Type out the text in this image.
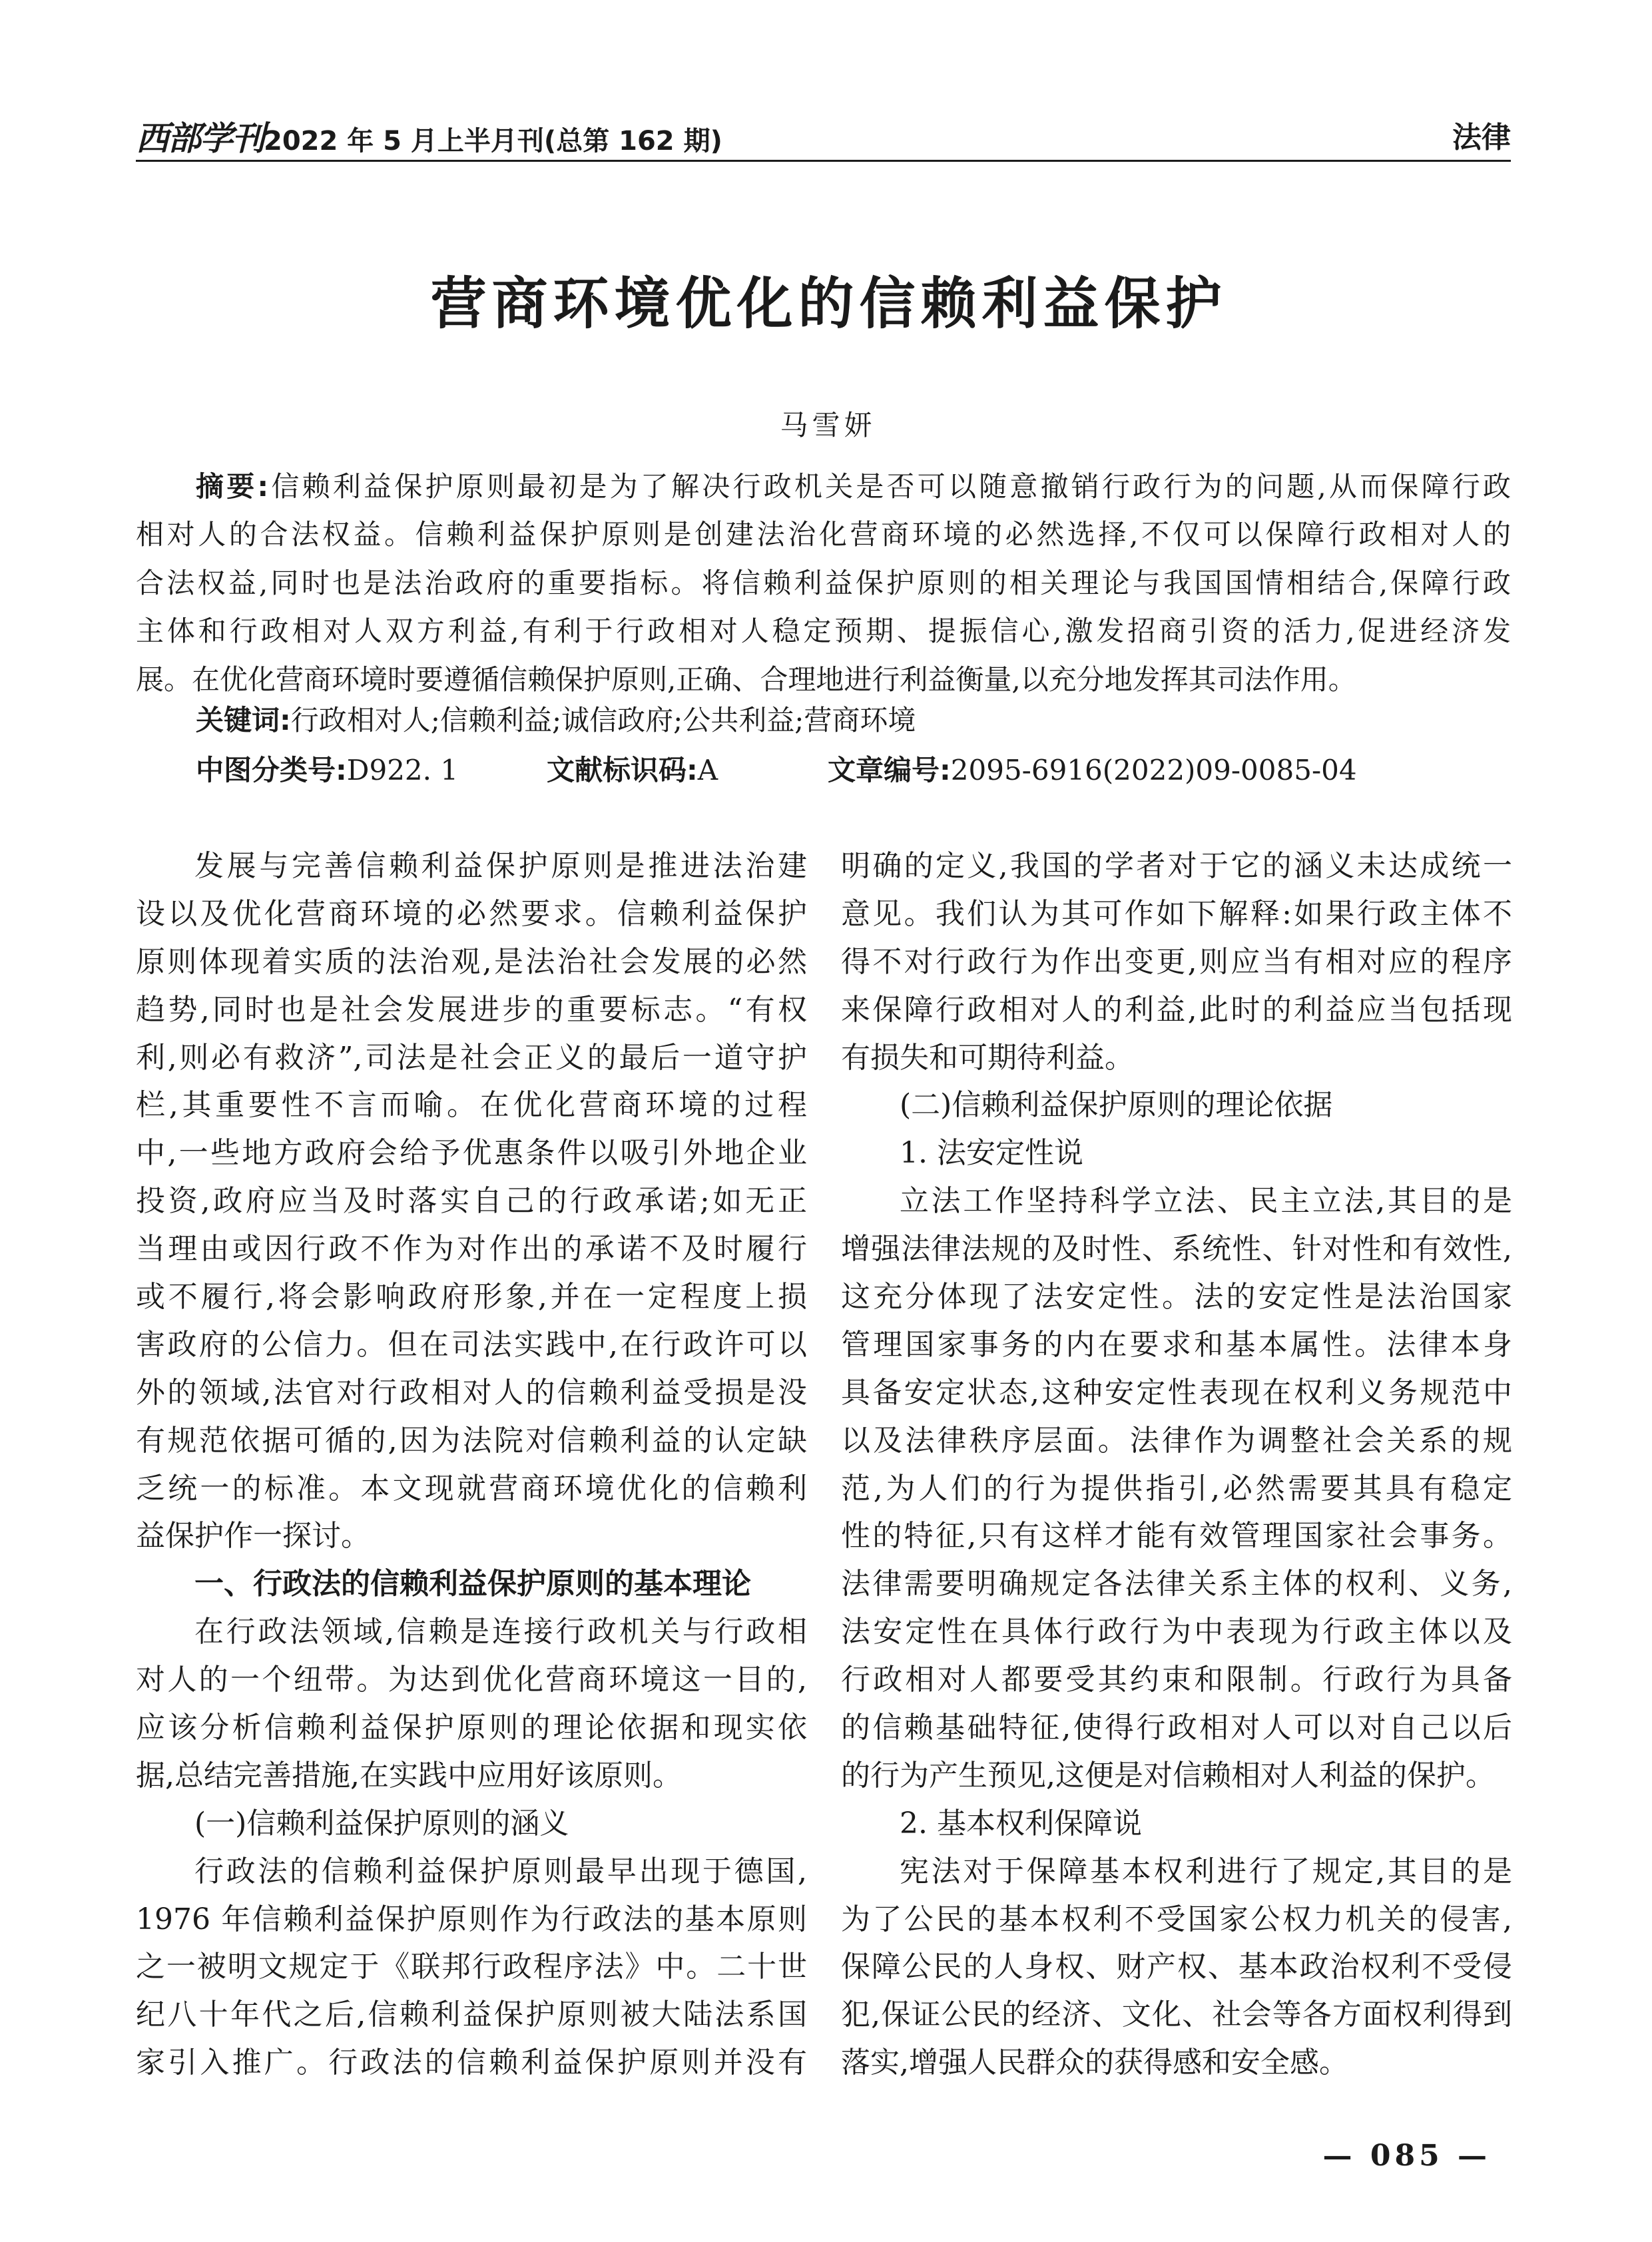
西部学刊 2022 年 5 月上半月刊(总第 162 期)	法律
营商环境优化的信赖利益保护
马雪妍
摘要:信赖利益保护原则最初是为了解决行政机关是否可以随意撤销行政行为的问题,从而保障行政
相对人的合法权益。信赖利益保护原则是创建法治化营商环境的必然选择,不仅可以保障行政相对人的
合法权益,同时也是法治政府的重要指标。将信赖利益保护原则的相关理论与我国国情相结合,保障行政
主体和行政相对人双方利益,有利于行政相对人稳定预期、提振信心,激发招商引资的活力,促进经济发
展。在优化营商环境时要遵循信赖保护原则,正确、合理地进行利益衡量,以充分地发挥其司法作用。
关键词:行政相对人;信赖利益;诚信政府;公共利益;营商环境
中图分类号:D922. 1	文献标识码:A	文章编号:2095-6916(2022)09-0085-04
发展与完善信赖利益保护原则是推进法治建
设以及优化营商环境的必然要求。信赖利益保护
原则体现着实质的法治观,是法治社会发展的必然
趋势,同时也是社会发展进步的重要标志。“有权
利,则必有救济”,司法是社会正义的最后一道守护
栏,其重要性不言而喻。在优化营商环境的过程
中,一些地方政府会给予优惠条件以吸引外地企业
投资,政府应当及时落实自己的行政承诺;如无正
当理由或因行政不作为对作出的承诺不及时履行
或不履行,将会影响政府形象,并在一定程度上损
害政府的公信力。但在司法实践中,在行政许可以
外的领域,法官对行政相对人的信赖利益受损是没
有规范依据可循的,因为法院对信赖利益的认定缺
乏统一的标准。本文现就营商环境优化的信赖利
益保护作一探讨。
一、行政法的信赖利益保护原则的基本理论
在行政法领域,信赖是连接行政机关与行政相
对人的一个纽带。为达到优化营商环境这一目的,
应该分析信赖利益保护原则的理论依据和现实依
据,总结完善措施,在实践中应用好该原则。
(一)信赖利益保护原则的涵义
行政法的信赖利益保护原则最早出现于德国,
1976 年信赖利益保护原则作为行政法的基本原则
之一被明文规定于《联邦行政程序法》中。二十世
纪八十年代之后,信赖利益保护原则被大陆法系国
家引入推广。行政法的信赖利益保护原则并没有
明确的定义,我国的学者对于它的涵义未达成统一
意见。我们认为其可作如下解释:如果行政主体不
得不对行政行为作出变更,则应当有相对应的程序
来保障行政相对人的利益,此时的利益应当包括现
有损失和可期待利益。
(二)信赖利益保护原则的理论依据
1. 法安定性说
立法工作坚持科学立法、民主立法,其目的是
增强法律法规的及时性、系统性、针对性和有效性,
这充分体现了法安定性。法的安定性是法治国家
管理国家事务的内在要求和基本属性。法律本身
具备安定状态,这种安定性表现在权利义务规范中
以及法律秩序层面。法律作为调整社会关系的规
范,为人们的行为提供指引,必然需要其具有稳定
性的特征,只有这样才能有效管理国家社会事务。
法律需要明确规定各法律关系主体的权利、义务,
法安定性在具体行政行为中表现为行政主体以及
行政相对人都要受其约束和限制。行政行为具备
的信赖基础特征,使得行政相对人可以对自己以后
的行为产生预见,这便是对信赖相对人利益的保护。
2. 基本权利保障说
宪法对于保障基本权利进行了规定,其目的是
为了公民的基本权利不受国家公权力机关的侵害,
保障公民的人身权、财产权、基本政治权利不受侵
犯,保证公民的经济、文化、社会等各方面权利得到
落实,增强人民群众的获得感和安全感。
— 085 —
